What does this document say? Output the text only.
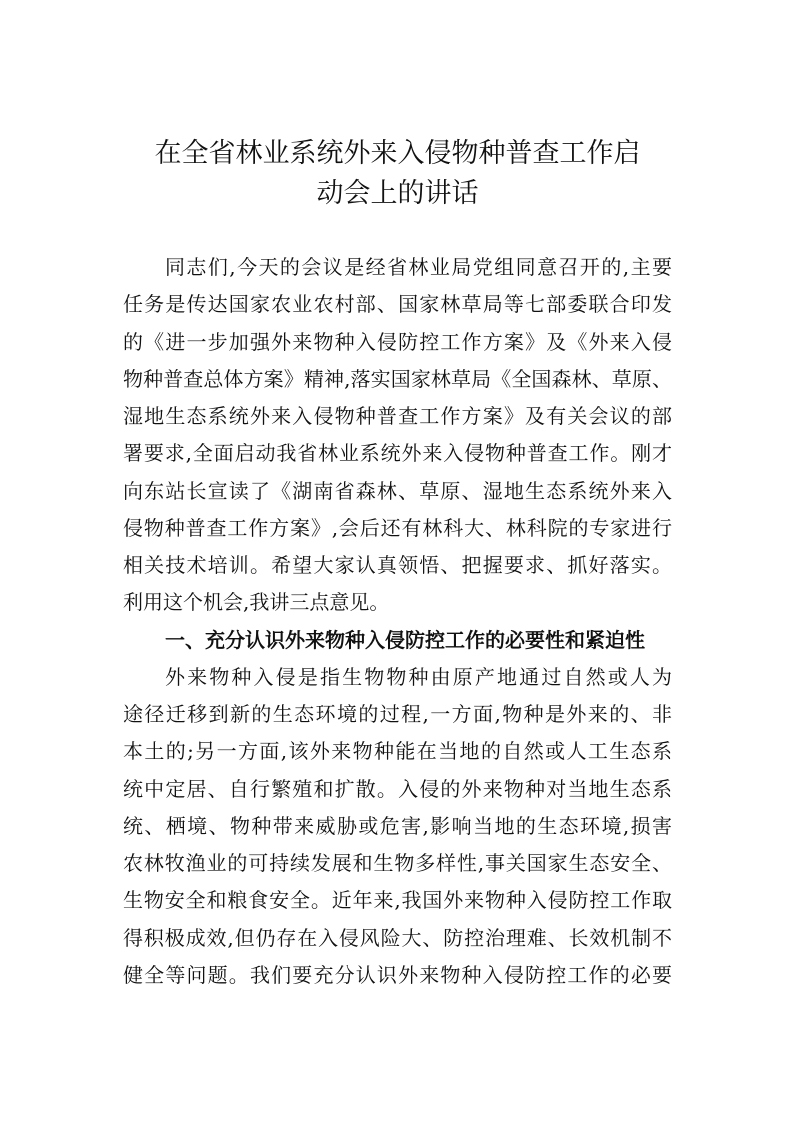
在全省林业系统外来入侵物种普查工作启
动会上的讲话
同志们,今天的会议是经省林业局党组同意召开的,主要
任务是传达国家农业农村部、国家林草局等七部委联合印发
的《进一步加强外来物种入侵防控工作方案》及《外来入侵
物种普查总体方案》精神,落实国家林草局《全国森林、草原、
湿地生态系统外来入侵物种普查工作方案》及有关会议的部
署要求,全面启动我省林业系统外来入侵物种普查工作。刚才
向东站长宣读了《湖南省森林、草原、湿地生态系统外来入
侵物种普查工作方案》,会后还有林科大、林科院的专家进行
相关技术培训。希望大家认真领悟、把握要求、抓好落实。
利用这个机会,我讲三点意见。
一、充分认识外来物种入侵防控工作的必要性和紧迫性
外来物种入侵是指生物物种由原产地通过自然或人为
途径迁移到新的生态环境的过程,一方面,物种是外来的、非
本土的;另一方面,该外来物种能在当地的自然或人工生态系
统中定居、自行繁殖和扩散。入侵的外来物种对当地生态系
统、栖境、物种带来威胁或危害,影响当地的生态环境,损害
农林牧渔业的可持续发展和生物多样性,事关国家生态安全、
生物安全和粮食安全。近年来,我国外来物种入侵防控工作取
得积极成效,但仍存在入侵风险大、防控治理难、长效机制不
健全等问题。我们要充分认识外来物种入侵防控工作的必要
